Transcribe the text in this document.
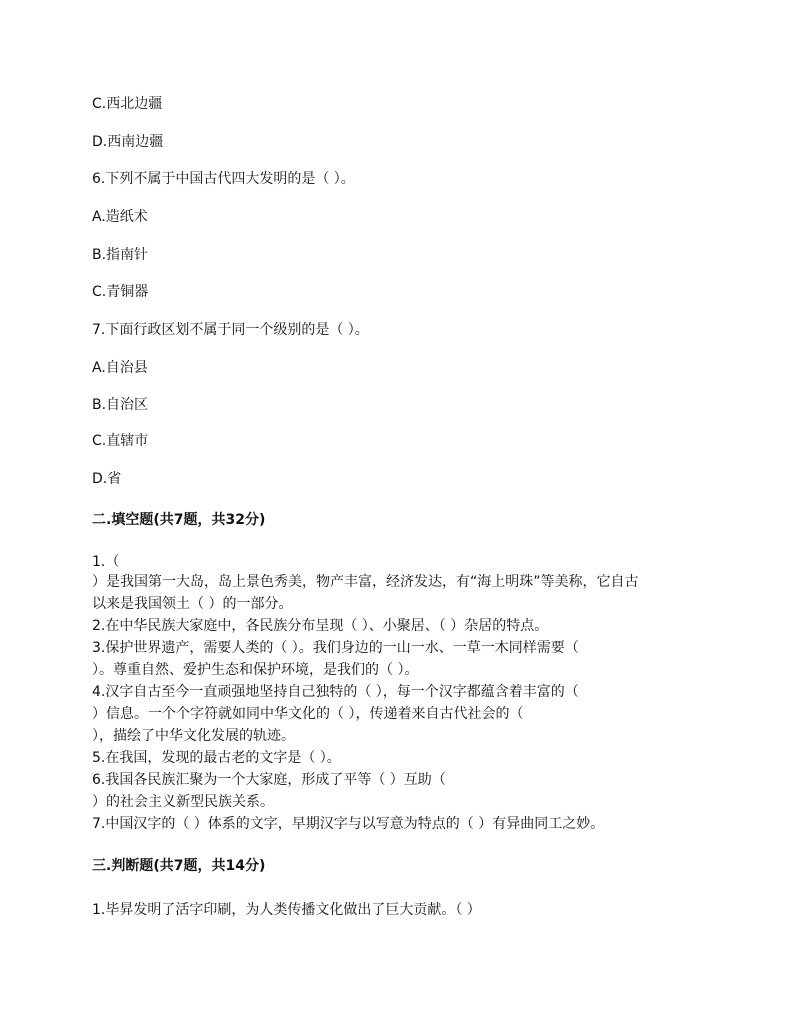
C.西北边疆
D.西南边疆
6.下列不属于中国古代四大发明的是（ ）。
A.造纸术
B.指南针
C.青铜器
7.下面行政区划不属于同一个级别的是（ ）。
A.自治县
B.自治区
C.直辖市
D.省
二.填空题(共7题，共32分)
1.（
）是我国第一大岛，岛上景色秀美，物产丰富，经济发达，有“海上明珠”等美称，它自古
以来是我国领土（ ）的一部分。
2.在中华民族大家庭中，各民族分布呈现（ ）、小聚居、（ ）杂居的特点。
3.保护世界遗产，需要人类的（ ）。我们身边的一山一水、一草一木同样需要（
）。尊重自然、爱护生态和保护环境，是我们的（ ）。
4.汉字自古至今一直顽强地坚持自己独特的（ ），每一个汉字都蕴含着丰富的（
）信息。一个个字符就如同中华文化的（ ），传递着来自古代社会的（
），描绘了中华文化发展的轨迹。
5.在我国，发现的最古老的文字是（ ）。
6.我国各民族汇聚为一个大家庭，形成了平等（ ）互助（
）的社会主义新型民族关系。
7.中国汉字的（ ）体系的文字，早期汉字与以写意为特点的（ ）有异曲同工之妙。
三.判断题(共7题，共14分)
1.毕昇发明了活字印刷，为人类传播文化做出了巨大贡献。（ ）
